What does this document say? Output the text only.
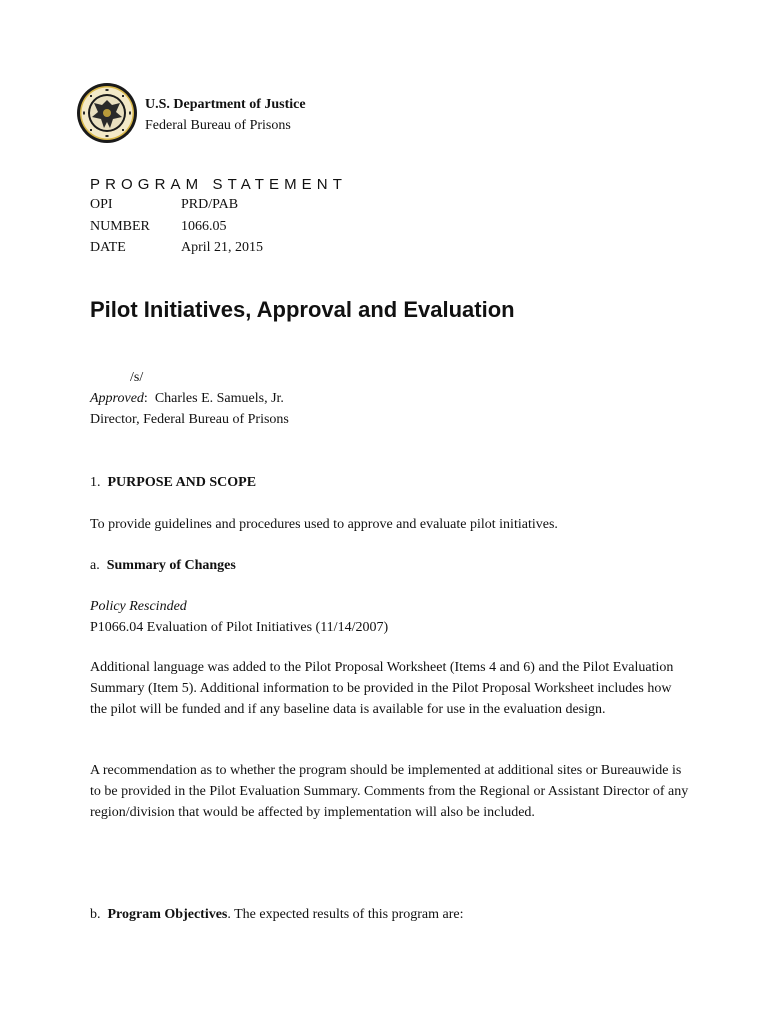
U.S. Department of Justice
Federal Bureau of Prisons
PROGRAM STATEMENT
OPI	PRD/PAB
NUMBER	1066.05
DATE	April 21, 2015
Pilot Initiatives, Approval and Evaluation
/s/
Approved:  Charles E. Samuels, Jr.
Director, Federal Bureau of Prisons
1.  PURPOSE AND SCOPE
To provide guidelines and procedures used to approve and evaluate pilot initiatives.
a.  Summary of Changes
Policy Rescinded
P1066.04 Evaluation of Pilot Initiatives (11/14/2007)
Additional language was added to the Pilot Proposal Worksheet (Items 4 and 6) and the Pilot Evaluation Summary (Item 5). Additional information to be provided in the Pilot Proposal Worksheet includes how the pilot will be funded and if any baseline data is available for use in the evaluation design.
A recommendation as to whether the program should be implemented at additional sites or Bureauwide is to be provided in the Pilot Evaluation Summary. Comments from the Regional or Assistant Director of any region/division that would be affected by implementation will also be included.
b.  Program Objectives. The expected results of this program are:
